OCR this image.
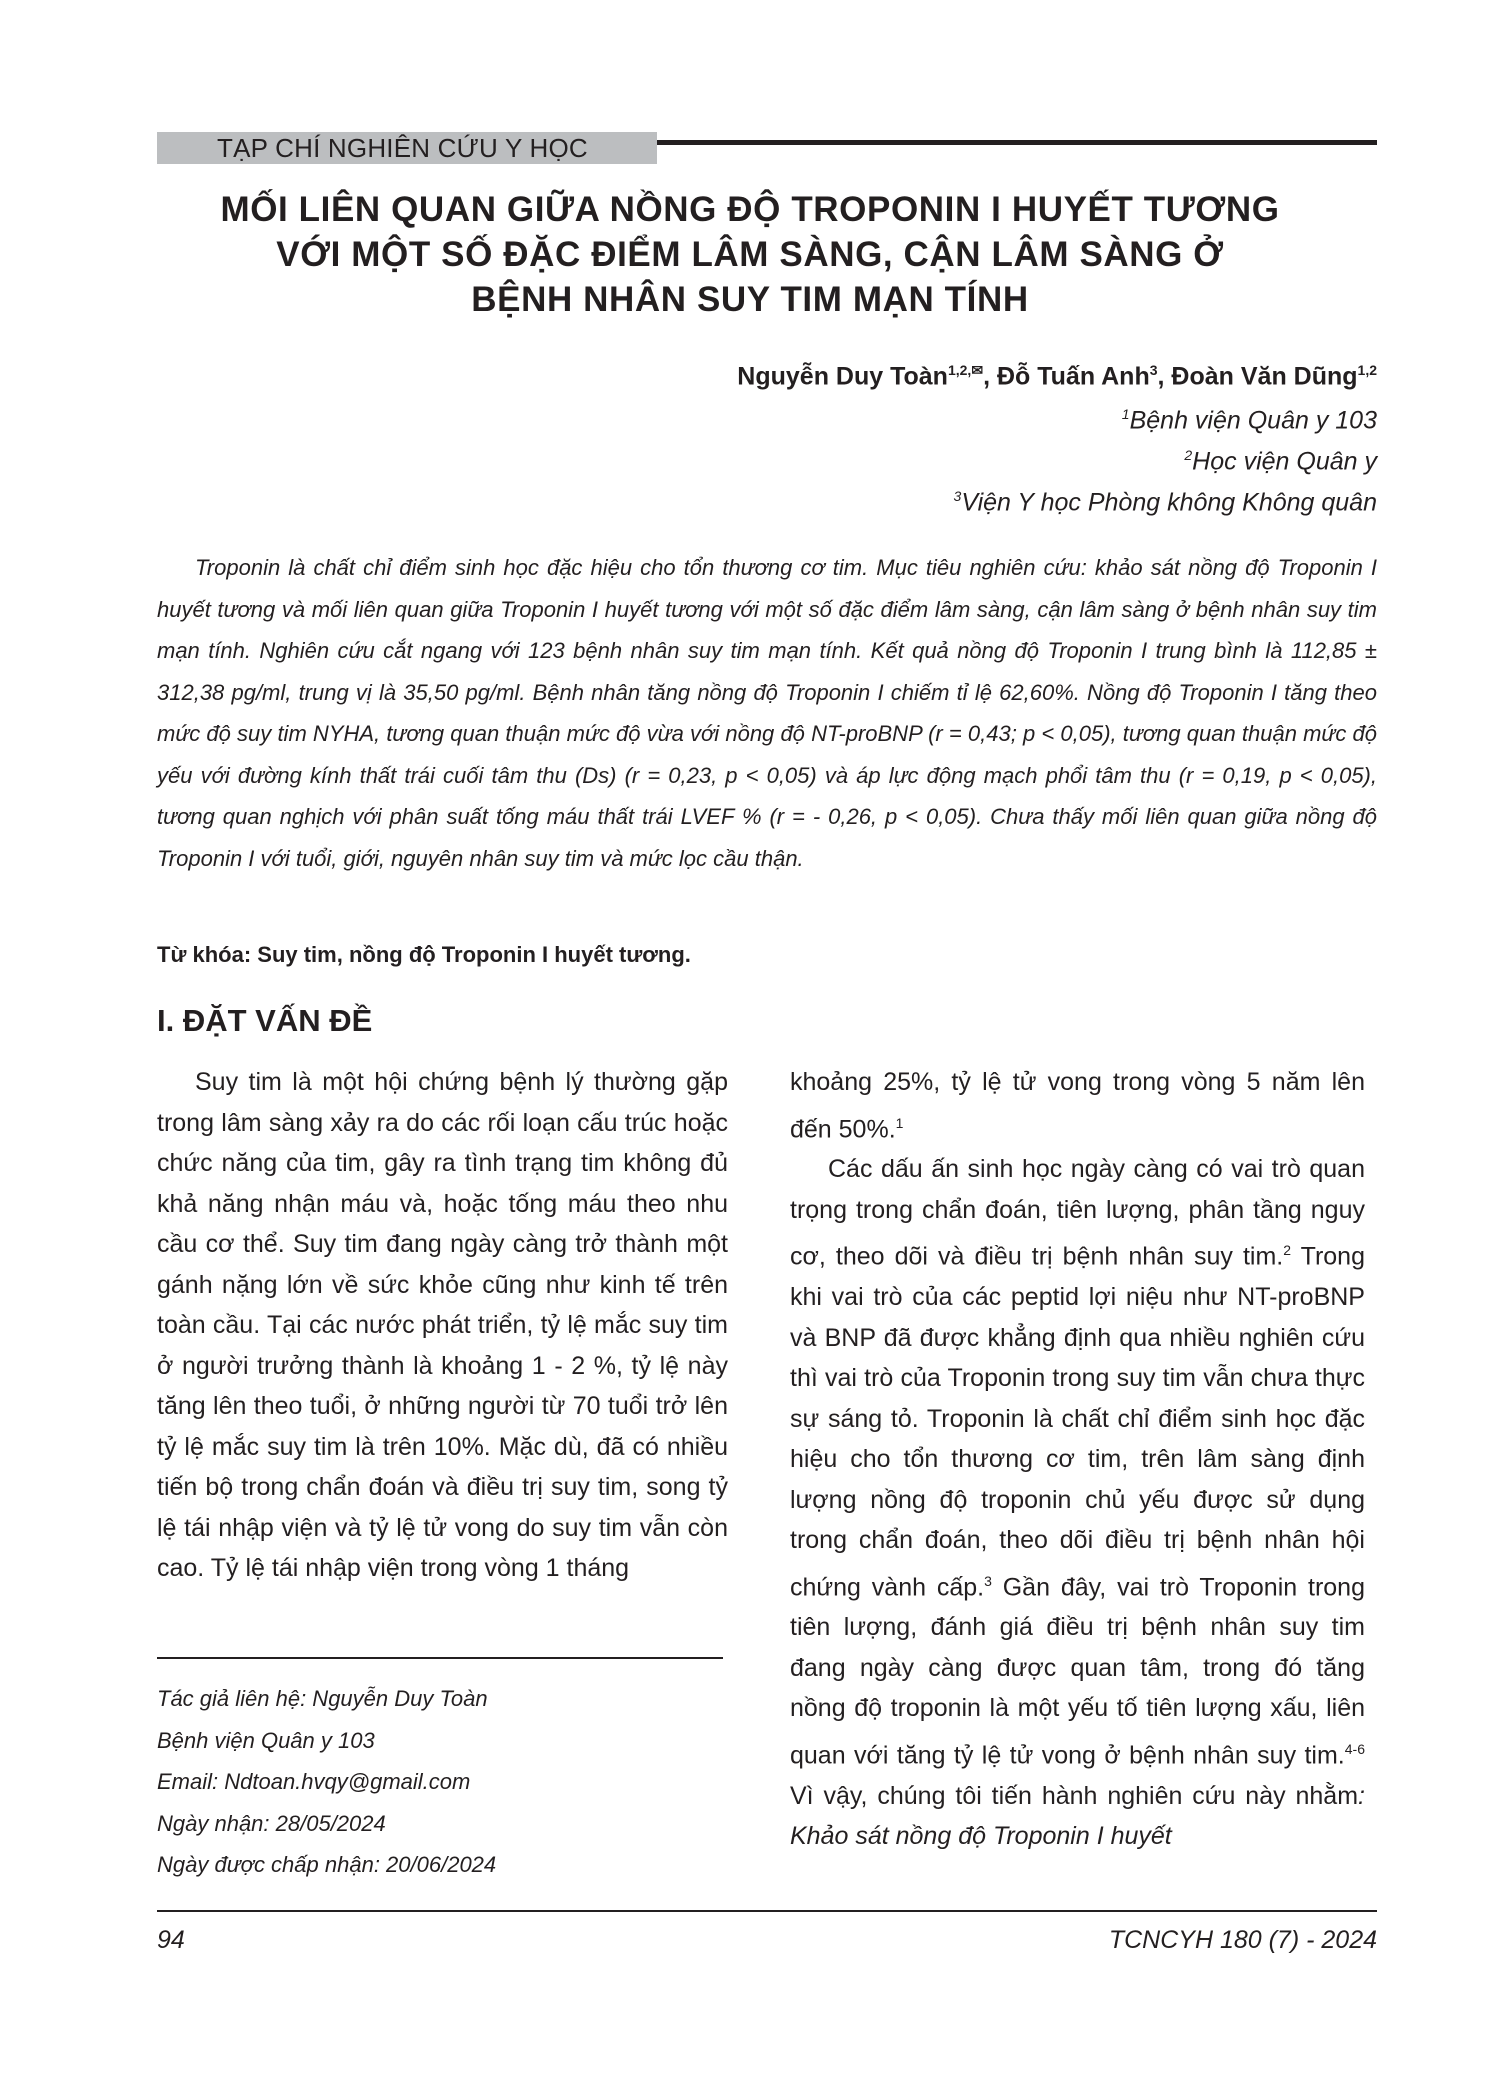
TẠP CHÍ NGHIÊN CỨU Y HỌC
MỐI LIÊN QUAN GIỮA NỒNG ĐỘ TROPONIN I HUYẾT TƯƠNG
VỚI MỘT SỐ ĐẶC ĐIỂM LÂM SÀNG, CẬN LÂM SÀNG Ở
BỆNH NHÂN SUY TIM MẠN TÍNH
Nguyễn Duy Toàn$^{1,2,✉}$, Đỗ Tuấn Anh$^3$, Đoàn Văn Dũng$^{1,2}$
$^1$Bệnh viện Quân y 103
$^2$Học viện Quân y
$^3$Viện Y học Phòng không Không quân

Troponin là chất chỉ điểm sinh học đặc hiệu cho tổn thương cơ tim. Mục tiêu nghiên cứu: khảo sát nồng độ Troponin I huyết tương và mối liên quan giữa Troponin I huyết tương với một số đặc điểm lâm sàng, cận lâm sàng ở bệnh nhân suy tim mạn tính. Nghiên cứu cắt ngang với 123 bệnh nhân suy tim mạn tính. Kết quả nồng độ Troponin I trung bình là 112,85 ± 312,38 pg/ml, trung vị là 35,50 pg/ml. Bệnh nhân tăng nồng độ Troponin I chiếm tỉ lệ 62,60%. Nồng độ Troponin I tăng theo mức độ suy tim NYHA, tương quan thuận mức độ vừa với nồng độ NT-proBNP (r = 0,43; p < 0,05), tương quan thuận mức độ yếu với đường kính thất trái cuối tâm thu (Ds) (r = 0,23, p < 0,05) và áp lực động mạch phổi tâm thu (r = 0,19, p < 0,05), tương quan nghịch với phân suất tống máu thất trái LVEF % (r = - 0,26, p < 0,05). Chưa thấy mối liên quan giữa nồng độ Troponin I với tuổi, giới, nguyên nhân suy tim và mức lọc cầu thận.

Từ khóa: Suy tim, nồng độ Troponin I huyết tương.
I. ĐẶT VẤN ĐỀ

Suy tim là một hội chứng bệnh lý thường gặp trong lâm sàng xảy ra do các rối loạn cấu trúc hoặc chức năng của tim, gây ra tình trạng tim không đủ khả năng nhận máu và, hoặc tống máu theo nhu cầu cơ thể. Suy tim đang ngày càng trở thành một gánh nặng lớn về sức khỏe cũng như kinh tế trên toàn cầu. Tại các nước phát triển, tỷ lệ mắc suy tim ở người trưởng thành là khoảng 1 - 2 %, tỷ lệ này tăng lên theo tuổi, ở những người từ 70 tuổi trở lên tỷ lệ mắc suy tim là trên 10%. Mặc dù, đã có nhiều tiến bộ trong chẩn đoán và điều trị suy tim, song tỷ lệ tái nhập viện và tỷ lệ tử vong do suy tim vẫn còn cao. Tỷ lệ tái nhập viện trong vòng 1 tháng

khoảng 25%, tỷ lệ tử vong trong vòng 5 năm lên đến 50%.$^1$

Các dấu ấn sinh học ngày càng có vai trò quan trọng trong chẩn đoán, tiên lượng, phân tầng nguy cơ, theo dõi và điều trị bệnh nhân suy tim.$^2$ Trong khi vai trò của các peptid lợi niệu như NT-proBNP và BNP đã được khẳng định qua nhiều nghiên cứu thì vai trò của Troponin trong suy tim vẫn chưa thực sự sáng tỏ. Troponin là chất chỉ điểm sinh học đặc hiệu cho tổn thương cơ tim, trên lâm sàng định lượng nồng độ troponin chủ yếu được sử dụng trong chẩn đoán, theo dõi điều trị bệnh nhân hội chứng vành cấp.$^3$ Gần đây, vai trò Troponin trong tiên lượng, đánh giá điều trị bệnh nhân suy tim đang ngày càng được quan tâm, trong đó tăng nồng độ troponin là một yếu tố tiên lượng xấu, liên quan với tăng tỷ lệ tử vong ở bệnh nhân suy tim.$^{4-6}$ Vì vậy, chúng tôi tiến hành nghiên cứu này nhằm: Khảo sát nồng độ Troponin I huyết

Tác giả liên hệ: Nguyễn Duy Toàn
Bệnh viện Quân y 103
Email: Ndtoan.hvqy@gmail.com
Ngày nhận: 28/05/2024
Ngày được chấp nhận: 20/06/2024
94	TCNCYH 180 (7) - 2024
